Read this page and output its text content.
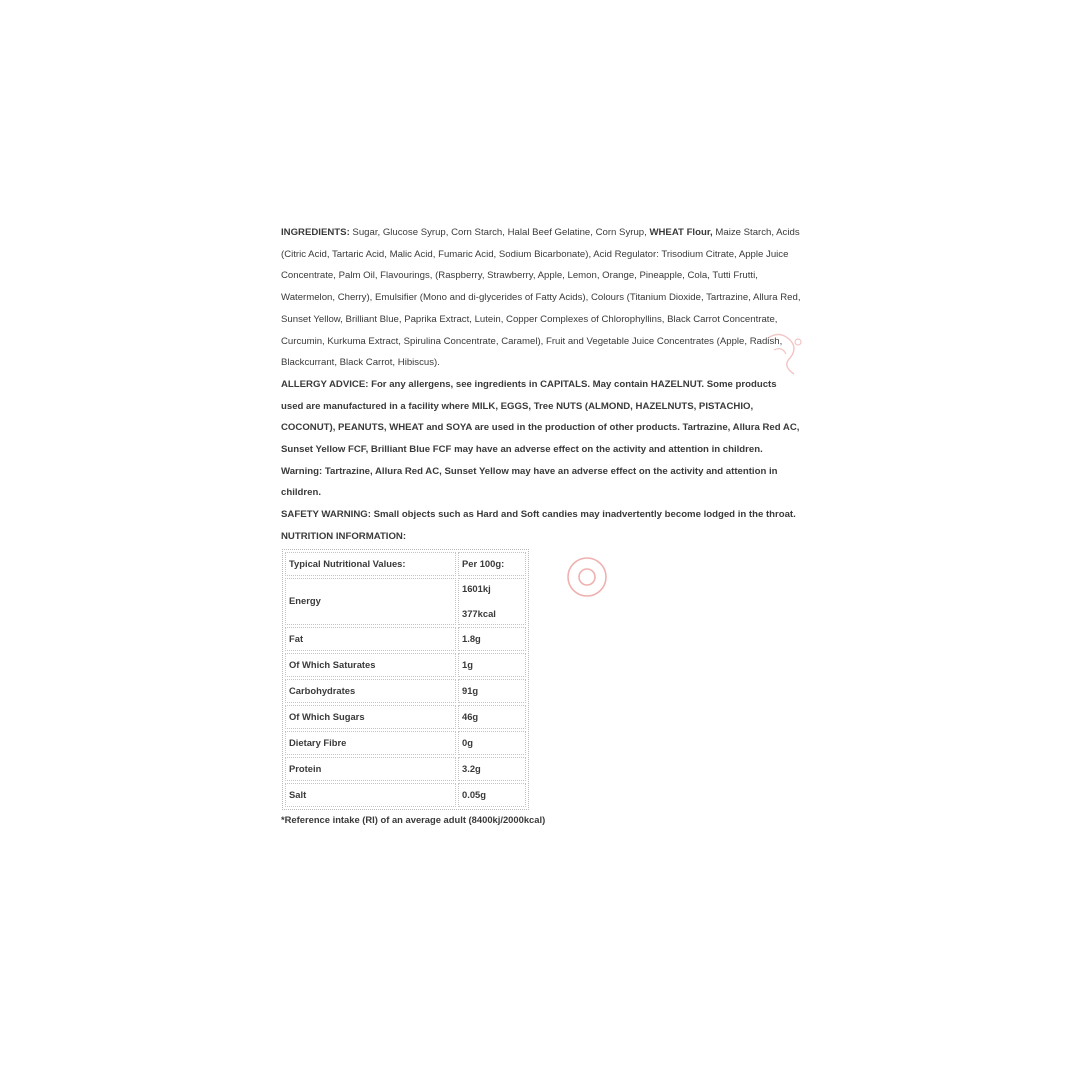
INGREDIENTS: Sugar, Glucose Syrup, Corn Starch, Halal Beef Gelatine, Corn Syrup, WHEAT Flour, Maize Starch, Acids (Citric Acid, Tartaric Acid, Malic Acid, Fumaric Acid, Sodium Bicarbonate), Acid Regulator: Trisodium Citrate, Apple Juice Concentrate, Palm Oil, Flavourings, (Raspberry, Strawberry, Apple, Lemon, Orange, Pineapple, Cola, Tutti Frutti, Watermelon, Cherry), Emulsifier (Mono and di-glycerides of Fatty Acids), Colours (Titanium Dioxide, Tartrazine, Allura Red, Sunset Yellow, Brilliant Blue, Paprika Extract, Lutein, Copper Complexes of Chlorophyllins, Black Carrot Concentrate, Curcumin, Kurkuma Extract, Spirulina Concentrate, Caramel), Fruit and Vegetable Juice Concentrates (Apple, Radish, Blackcurrant, Black Carrot, Hibiscus).

ALLERGY ADVICE: For any allergens, see ingredients in CAPITALS. May contain HAZELNUT. Some products used are manufactured in a facility where MILK, EGGS, Tree NUTS (ALMOND, HAZELNUTS, PISTACHIO, COCONUT), PEANUTS, WHEAT and SOYA are used in the production of other products. Tartrazine, Allura Red AC, Sunset Yellow FCF, Brilliant Blue FCF may have an adverse effect on the activity and attention in children.

Warning: Tartrazine, Allura Red AC, Sunset Yellow may have an adverse effect on the activity and attention in children.

SAFETY WARNING: Small objects such as Hard and Soft candies may inadvertently become lodged in the throat.

NUTRITION INFORMATION:

Typical Nutritional Values:	Per 100g:
Energy	1601kj
377kcal

Fat	1.8g
Of Which Saturates	1g
Carbohydrates	91g
Of Which Sugars	46g
Dietary Fibre	0g
Protein	3.2g
Salt	0.05g

*Reference intake (RI) of an average adult (8400kj/2000kcal)
